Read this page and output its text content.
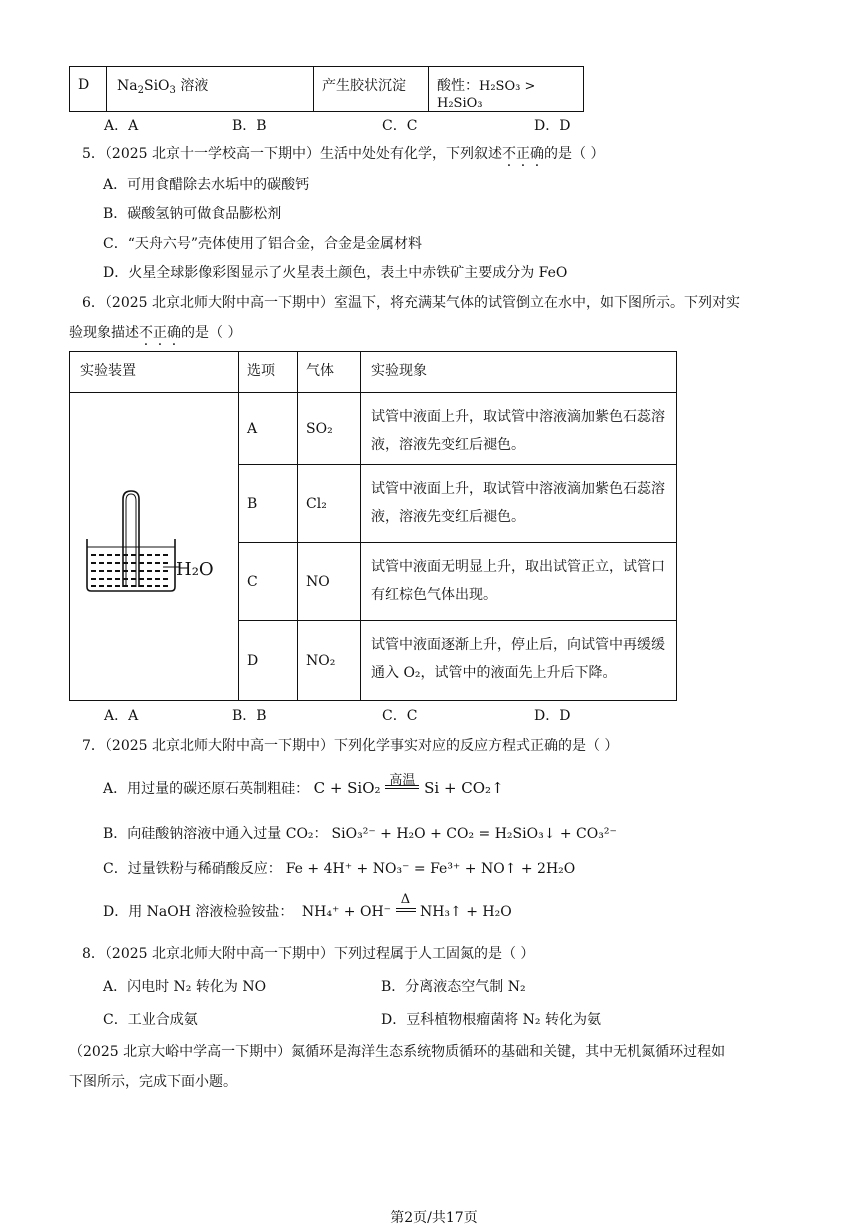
D	$Na_2SiO_3$ 溶液	产生胶状沉淀	酸性：H₂SO₃ > H₂SiO₃
A．A	B．B	C．C	D．D
5．（2025 北京十一学校高一下期中）生活中处处有化学，下列叙述不正确的是（ ）
A．可用食醋除去水垢中的碳酸钙
B．碳酸氢钠可做食品膨松剂
C．“天舟六号”壳体使用了铝合金，合金是金属材料
D．火星全球影像彩图显示了火星表土颜色，表土中赤铁矿主要成分为 FeO
6．（2025 北京北师大附中高一下期中）室温下，将充满某气体的试管倒立在水中，如下图所示。下列对实
验现象描述不正确的是（ ）
实验装置	选项	气体	实验现象

H₂O	A	SO₂	试管中液面上升，取试管中溶液滴加紫色石蕊溶
液，溶液先变红后褪色。

	B	Cl₂	试管中液面上升，取试管中溶液滴加紫色石蕊溶
液，溶液先变红后褪色。

	C	NO	试管中液面无明显上升，取出试管正立，试管口
有红棕色气体出现。

	D	NO₂	试管中液面逐渐上升，停止后，向试管中再缓缓
通入 O₂，试管中的液面先上升后下降。
A．A	B．B	C．C	D．D
7．（2025 北京北师大附中高一下期中）下列化学事实对应的反应方程式正确的是（ ）
A．用过量的碳还原石英制粗硅： C + SiO₂ 高温 Si + CO₂↑
B．向硅酸钠溶液中通入过量 CO₂： SiO₃²⁻ + H₂O + CO₂ = H₂SiO₃↓ + CO₃²⁻
C．过量铁粉与稀硝酸反应： Fe + 4H⁺ + NO₃⁻ = Fe³⁺ + NO↑ + 2H₂O
D．用 NaOH 溶液检验铵盐： NH₄⁺ + OH⁻
Δ
NH₃↑ + H₂O
8．（2025 北京北师大附中高一下期中）下列过程属于人工固氮的是（ ）
A．闪电时 N₂ 转化为 NO	B．分离液态空气制 N₂
C．工业合成氨	D．豆科植物根瘤菌将 N₂ 转化为氨
（2025 北京大峪中学高一下期中）氮循环是海洋生态系统物质循环的基础和关键，其中无机氮循环过程如
下图所示，完成下面小题。
第2页/共17页
